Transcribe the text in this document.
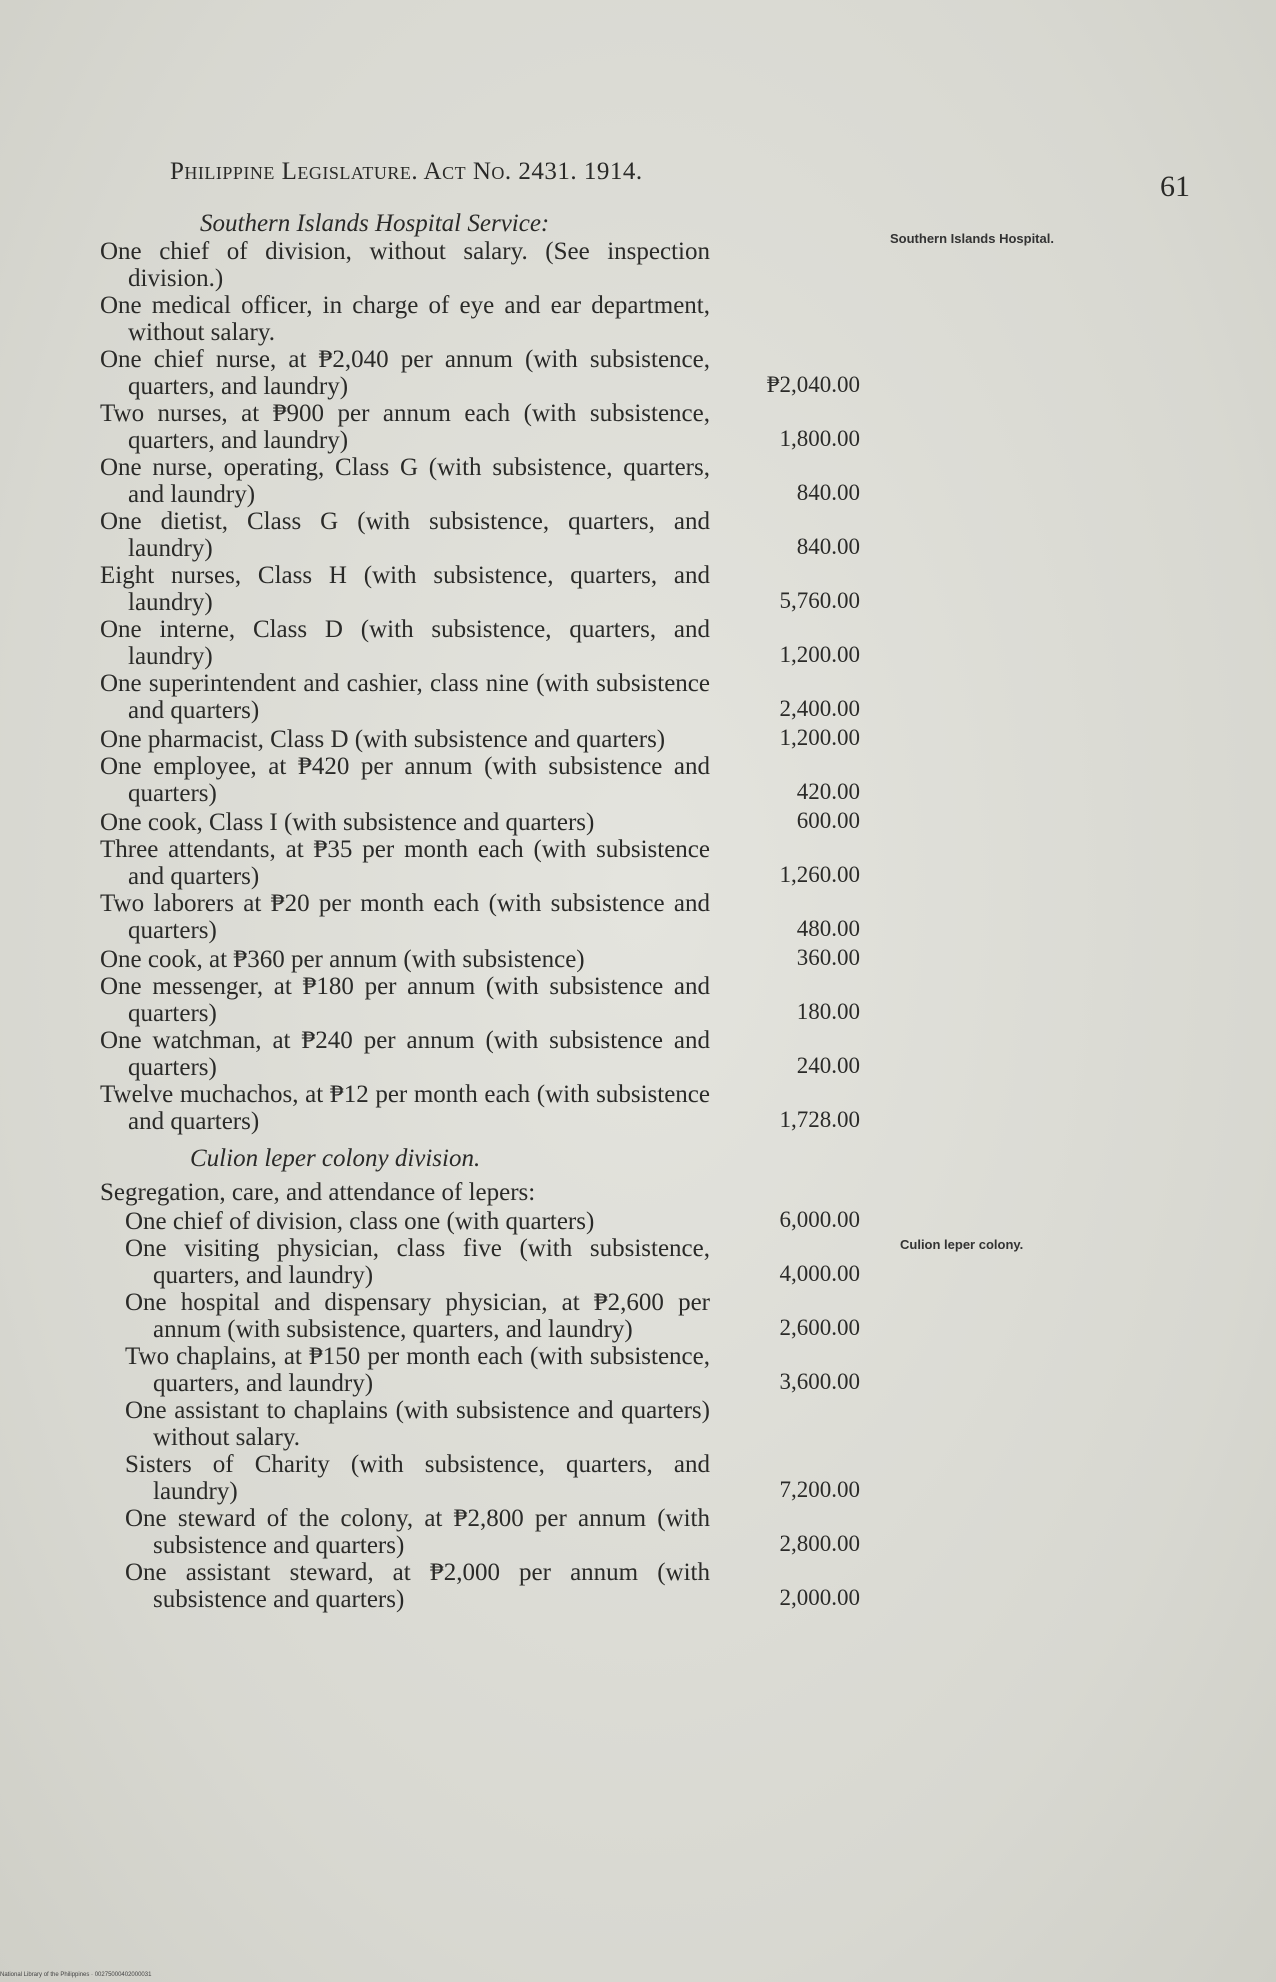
Philippine Legislature. Act No. 2431. 1914.	61
Southern Islands Hospital.
Culion leper colony.
Southern Islands Hospital Service:
One chief of division, without salary. (See inspection division.)
One medical officer, in charge of eye and ear department, without salary.
One chief nurse, at ₱2,040 per annum (with subsistence, quarters, and laundry)	₱2,040.00
Two nurses, at ₱900 per annum each (with subsistence, quarters, and laundry)	1,800.00
One nurse, operating, Class G (with subsistence, quarters, and laundry)	840.00
One dietist, Class G (with subsistence, quarters, and laundry)	840.00
Eight nurses, Class H (with subsistence, quarters, and laundry)	5,760.00
One interne, Class D (with subsistence, quarters, and laundry)	1,200.00
One superintendent and cashier, class nine (with subsistence and quarters)	2,400.00
One pharmacist, Class D (with subsistence and quarters)	1,200.00
One employee, at ₱420 per annum (with subsistence and quarters)	420.00
One cook, Class I (with subsistence and quarters)	600.00
Three attendants, at ₱35 per month each (with subsistence and quarters)	1,260.00
Two laborers at ₱20 per month each (with subsistence and quarters)	480.00
One cook, at ₱360 per annum (with subsistence)	360.00
One messenger, at ₱180 per annum (with subsistence and quarters)	180.00
One watchman, at ₱240 per annum (with subsistence and quarters)	240.00
Twelve muchachos, at ₱12 per month each (with subsistence and quarters)	1,728.00
Culion leper colony division.
Segregation, care, and attendance of lepers:
One chief of division, class one (with quarters)	6,000.00
One visiting physician, class five (with subsistence, quarters, and laundry)	4,000.00
One hospital and dispensary physician, at ₱2,600 per annum (with subsistence, quarters, and laundry)	2,600.00
Two chaplains, at ₱150 per month each (with subsistence, quarters, and laundry)	3,600.00
One assistant to chaplains (with subsistence and quarters) without salary.
Sisters of Charity (with subsistence, quarters, and laundry)	7,200.00
One steward of the colony, at ₱2,800 per annum (with subsistence and quarters)	2,800.00
One assistant steward, at ₱2,000 per annum (with subsistence and quarters)	2,000.00
National Library of the Philippines · 00275000402000031
